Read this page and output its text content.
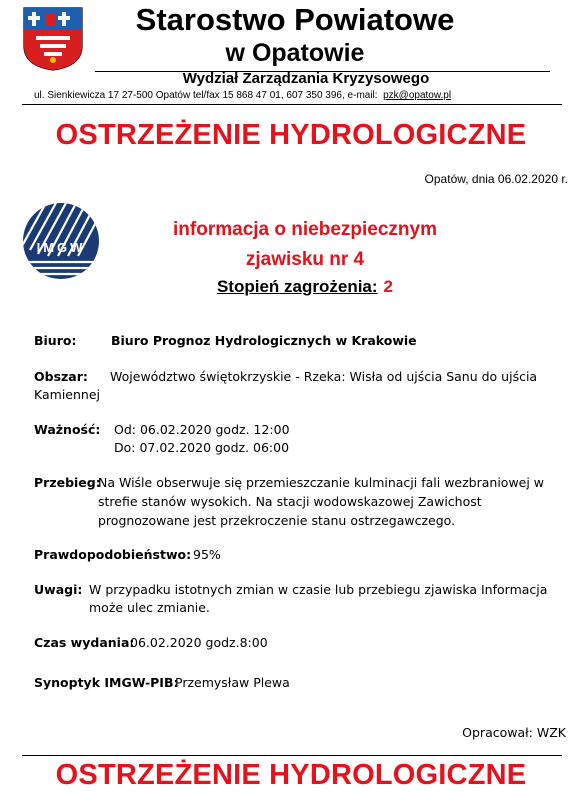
Starostwo Powiatowe
w Opatowie
Wydział Zarządzania Kryzysowego
ul. Sienkiewicza 17 27-500 Opatów tel/fax 15 868 47 01, 607 350 396, e-mail: pzk@opatow.pl
OSTRZEŻENIE HYDROLOGICZNE
Opatów, dnia 06.02.2020 r.
IMGW
informacja o niebezpiecznym
zjawisku nr 4
Stopień zagrożenia: 2
Biuro:	Biuro Prognoz Hydrologicznych w Krakowie
Obszar: Województwo świętokrzyskie - Rzeka: Wisła od ujścia Sanu do ujścia
Kamiennej
Ważność: Od: 06.02.2020 godz. 12:00
Do: 07.02.2020 godz. 06:00
Przebieg:
Na Wiśle obserwuje się przemieszczanie kulminacji fali wezbraniowej w
strefie stanów wysokich. Na stacji wodowskazowej Zawichost
prognozowane jest przekroczenie stanu ostrzegawczego.
Prawdopodobieństwo: 95%
Uwagi: W przypadku istotnych zmian w czasie lub przebiegu zjawiska Informacja
może ulec zmianie.
Czas wydania:
06.02.2020 godz.8:00
Synoptyk IMGW-PIB:
Przemysław Plewa
Opracował: WZK
OSTRZEŻENIE HYDROLOGICZNE
